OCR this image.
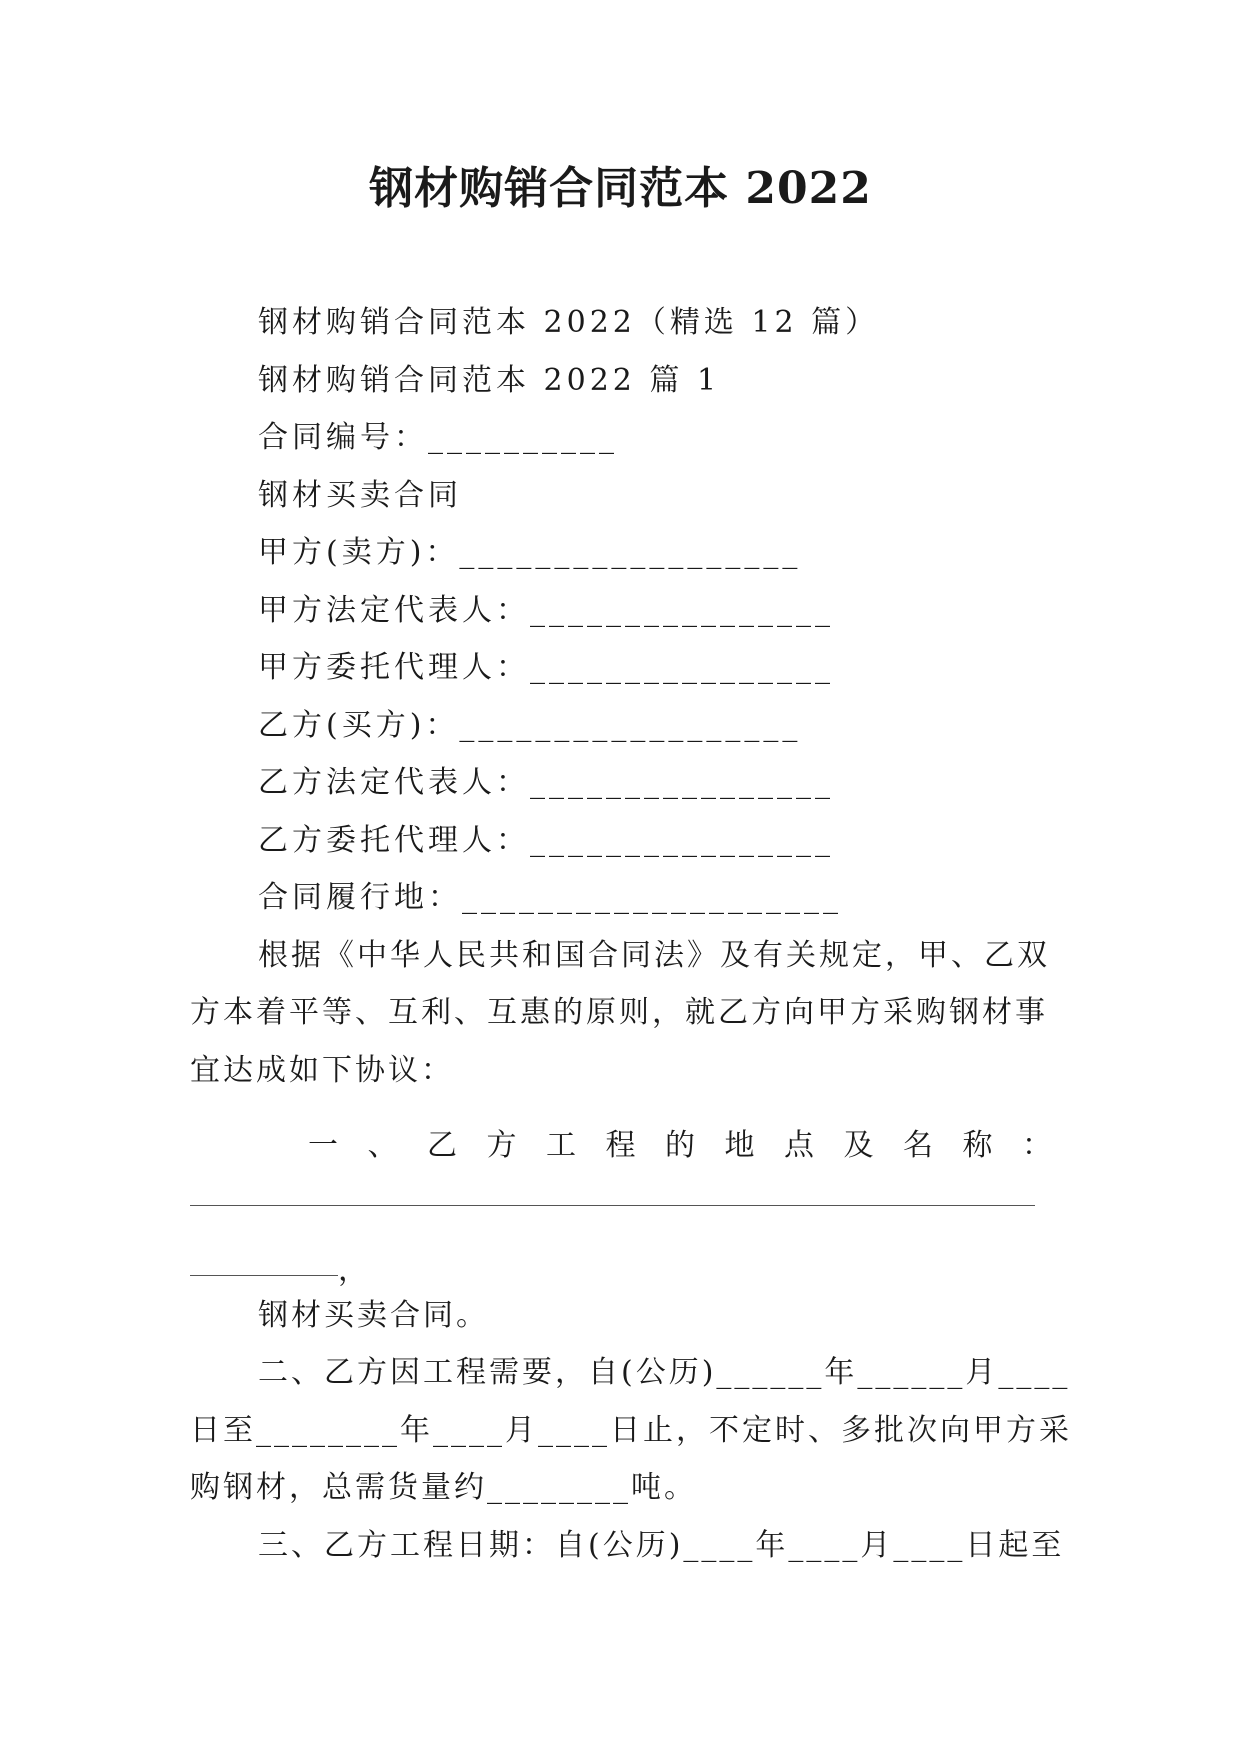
钢材购销合同范本 2022
钢材购销合同范本 2022（精选 12 篇）
钢材购销合同范本 2022 篇 1
合同编号：__________
钢材买卖合同
甲方(卖方)：__________________
甲方法定代表人：________________
甲方委托代理人：________________
乙方(买方)：__________________
乙方法定代表人：________________
乙方委托代理人：________________
合同履行地：____________________
根据《中华人民共和国合同法》及有关规定，甲、乙双
方本着平等、互利、互惠的原则，就乙方向甲方采购钢材事
宜达成如下协议：
一 、 乙 方 工 程 的 地 点 及 名 称 ：
，
钢材买卖合同。
二、乙方因工程需要，自(公历)______年______月____
日至________年____月____日止，不定时、多批次向甲方采
购钢材，总需货量约________吨。
三、乙方工程日期：自(公历)____年____月____日起至
